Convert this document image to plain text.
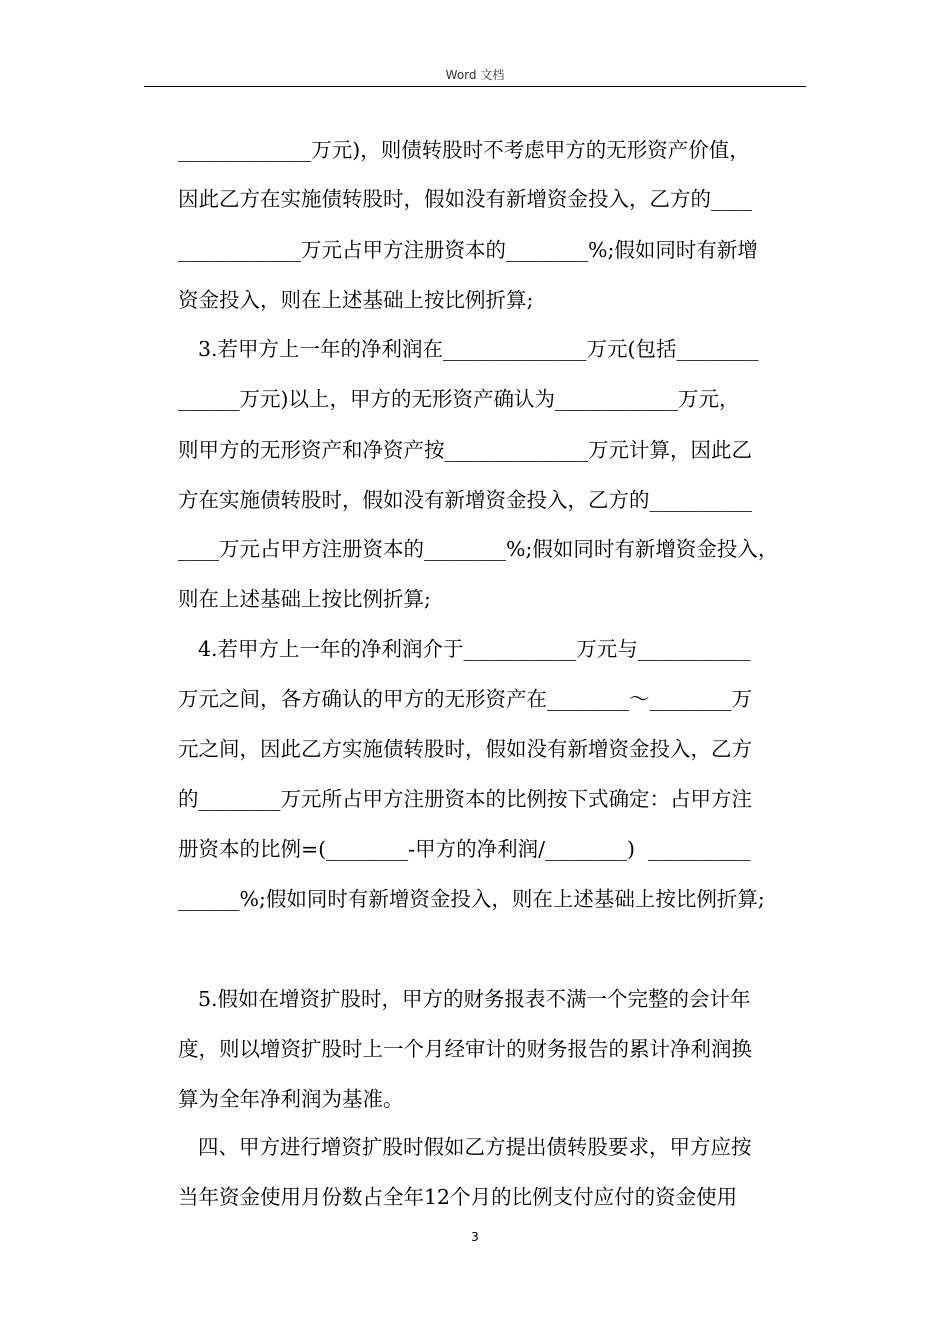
Word 文档
_____________万元)，则债转股时不考虑甲方的无形资产价值，
因此乙方在实施债转股时，假如没有新增资金投入，乙方的____
____________万元占甲方注册资本的________%;假如同时有新增
资金投入，则在上述基础上按比例折算;
3.若甲方上一年的净利润在______________万元(包括________
______万元)以上，甲方的无形资产确认为____________万元，
则甲方的无形资产和净资产按______________万元计算，因此乙
方在实施债转股时，假如没有新增资金投入，乙方的__________
____万元占甲方注册资本的________%;假如同时有新增资金投入，
则在上述基础上按比例折算;
4.若甲方上一年的净利润介于___________万元与___________
万元之间，各方确认的甲方的无形资产在________～________万
元之间，因此乙方实施债转股时，假如没有新增资金投入，乙方
的________万元所占甲方注册资本的比例按下式确定：占甲方注
册资本的比例=(________-甲方的净利润/________)  __________
______%;假如同时有新增资金投入，则在上述基础上按比例折算;
5.假如在增资扩股时，甲方的财务报表不满一个完整的会计年
度，则以增资扩股时上一个月经审计的财务报告的累计净利润换
算为全年净利润为基准。
四、甲方进行增资扩股时假如乙方提出债转股要求，甲方应按
当年资金使用月份数占全年12个月的比例支付应付的资金使用
3
